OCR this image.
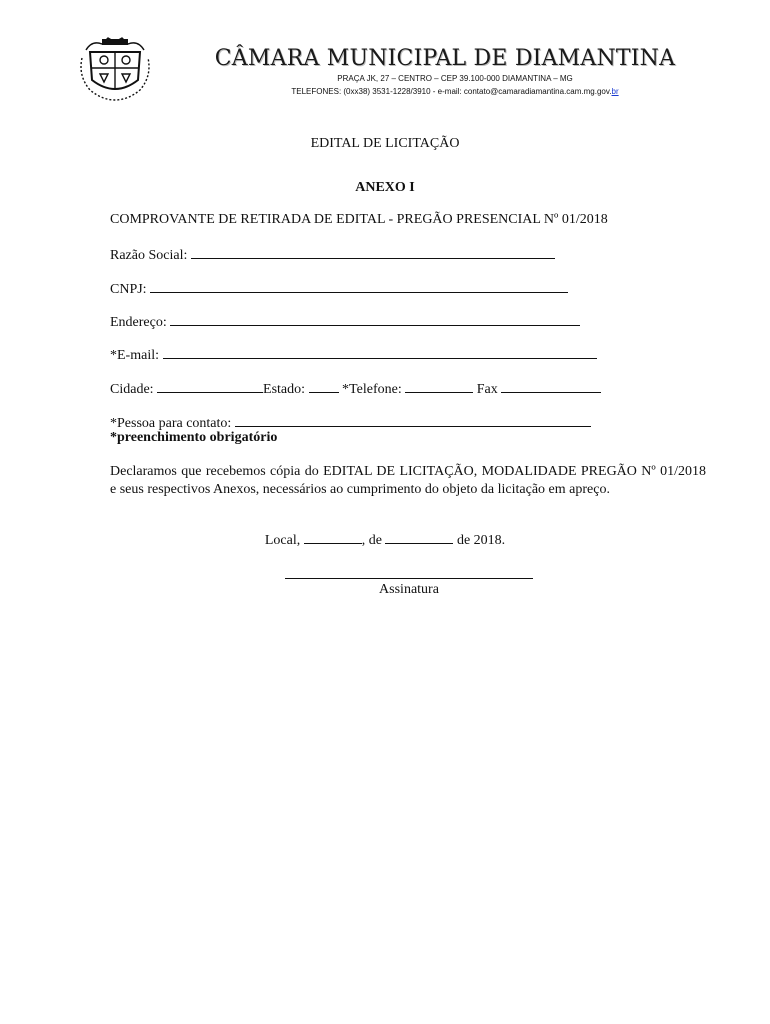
CÂMARA MUNICIPAL DE DIAMANTINA
PRAÇA JK, 27 – CENTRO – CEP 39.100-000 DIAMANTINA – MG
TELEFONES: (0xx38) 3531-1228/3910 - e-mail: contato@camaradiamantina.cam.mg.gov.br
EDITAL DE LICITAÇÃO
ANEXO I
COMPROVANTE DE RETIRADA DE EDITAL - PREGÃO PRESENCIAL Nº 01/2018
Razão Social:
CNPJ:
Endereço:
*E-mail:
Cidade:	Estado:	*Telefone:	Fax
*Pessoa para contato:
*preenchimento obrigatório
Declaramos que recebemos cópia do EDITAL DE LICITAÇÃO, MODALIDADE PREGÃO Nº 01/2018 e seus respectivos Anexos, necessários ao cumprimento do objeto da licitação em apreço.
Local,	, de	de 2018.
Assinatura
